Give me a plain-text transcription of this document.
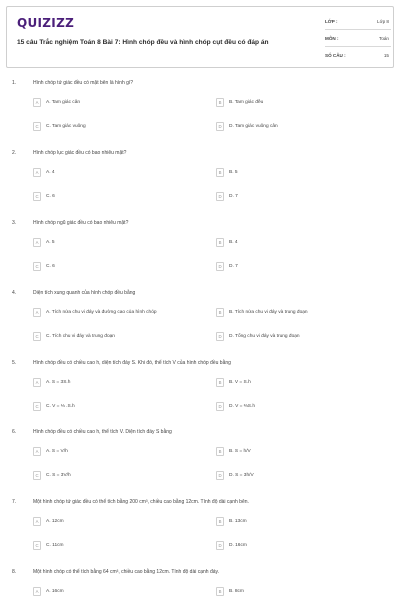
QUIZIZZ
15 câu Trắc nghiệm Toán 8 Bài 7: Hình chóp đều và hình chóp cụt đều có đáp án
LỚP :	Lớp 8
MÔN :	Toán
SỐ CÂU :	15
1.	Hình chóp tứ giác đều có mặt bên là hình gì?
A	A. Tam giác cân	B	B. Tam giác đều
C	C. Tam giác vuông	D	D. Tam giác vuông cân
2.	Hình chóp lục giác đều có bao nhiêu mặt?
A	A. 4	B	B. 5
C	C. 6	D	D. 7
3.	Hình chóp ngũ giác đều có bao nhiêu mặt?
A	A. 5	B	B. 4
C	C. 6	D	D. 7
4.	Diện tích xung quanh của hình chóp đều bằng
A	A. Tích nửa chu vi đáy và đường cao của hình chóp	B	B. Tích nửa chu vi đáy và trung đoạn
C	C. Tích chu vi đáy và trung đoạn	D	D. Tổng chu vi đáy và trung đoạn
5.	Hình chóp đều có chiều cao h, diện tích đáy S. Khi đó, thể tích V của hình chóp đều bằng
A	A. S = 3S.h	B	B. V = S.h
C	C. V = ⅓ .S.h	D	D. V = ⅔S.h
6.	Hình chóp đều có chiều cao h, thể tích V. Diện tích đáy S bằng
A	A. S = V/h	B	B. S = h/V
C	C. S = 3V/h	D	D. S = 3h/V
7.	Một hình chóp tứ giác đều có thể tích bằng 200 cm³, chiều cao bằng 12cm. Tính độ dài cạnh bên.
A	A. 12cm	B	B. 13cm
C	C. 11cm	D	D. 16cm
8.	Một hình chóp có thể tích bằng 64 cm³, chiều cao bằng 12cm. Tính độ dài cạnh đáy.
A	A. 16cm	B	B. 8cm
